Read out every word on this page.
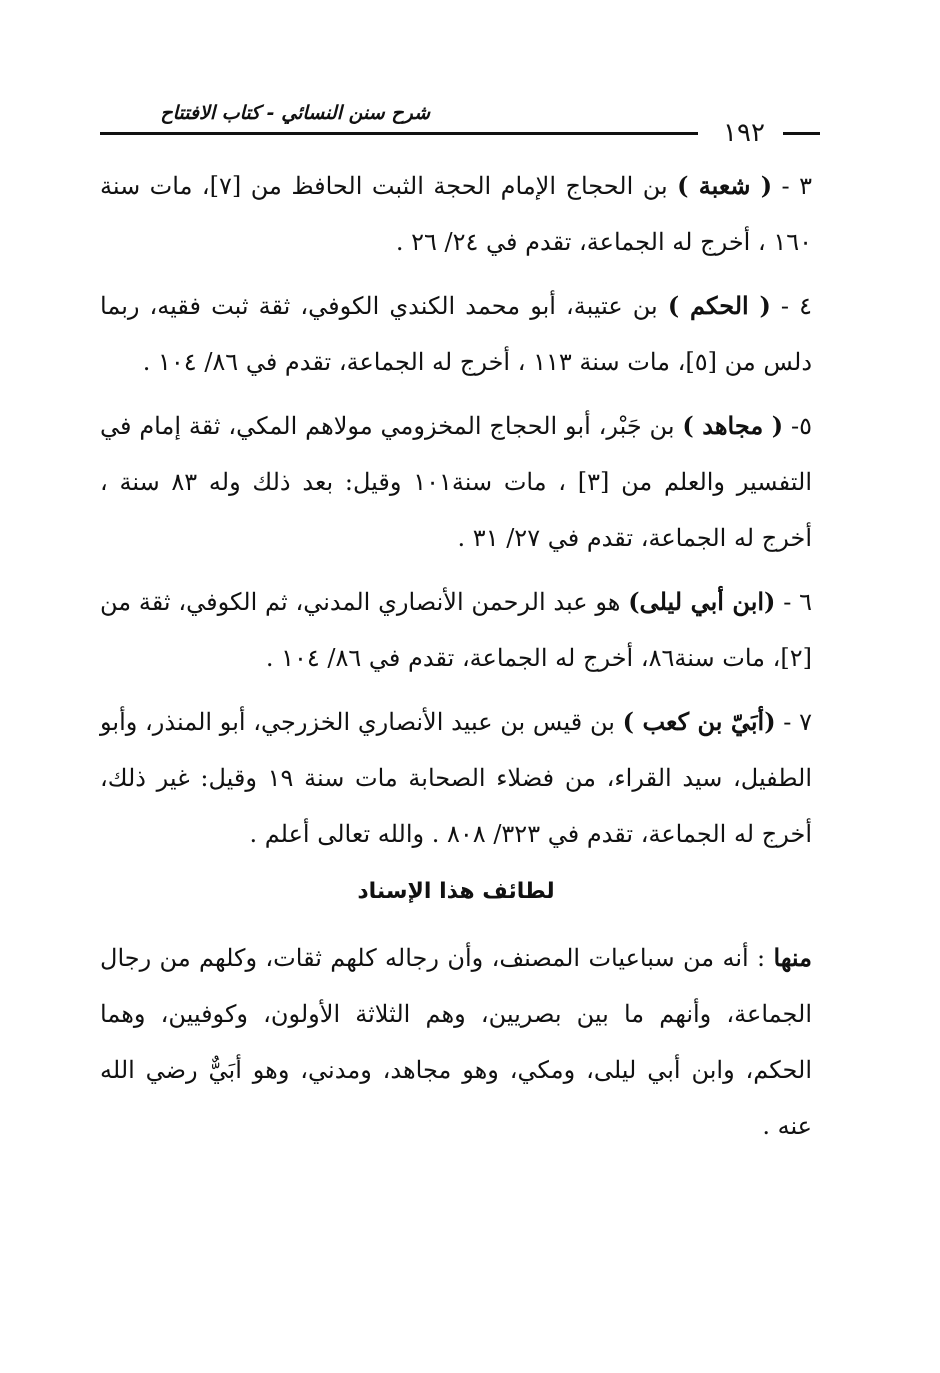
شرح سنن النسائي - كتاب الافتتاح
١٩٢

٣ - ( شعبة ) بن الحجاج الإمام الحجة الثبت الحافظ من [٧]، مات سنة ١٦٠ ، أخرج له الجماعة، تقدم في ٢٤/ ٢٦ .

٤ - ( الحكم ) بن عتيبة، أبو محمد الكندي الكوفي، ثقة ثبت فقيه، ربما دلس من [٥]، مات سنة ١١٣ ، أخرج له الجماعة، تقدم في ٨٦/ ١٠٤ .

٥- ( مجاهد ) بن جَبْر، أبو الحجاج المخزومي مولاهم المكي، ثقة إمام في التفسير والعلم من [٣] ، مات سنة١٠١ وقيل: بعد ذلك وله ٨٣ سنة ، أخرج له الجماعة، تقدم في ٢٧/ ٣١ .

٦ - (ابن أبي ليلى) هو عبد الرحمن الأنصاري المدني، ثم الكوفي، ثقة من [٢]، مات سنة٨٦، أخرج له الجماعة، تقدم في ٨٦/ ١٠٤ .

٧ - (أبَيّ بن كعب ) بن قيس بن عبيد الأنصاري الخزرجي، أبو المنذر، وأبو الطفيل، سيد القراء، من فضلاء الصحابة مات سنة ١٩ وقيل: غير ذلك، أخرج له الجماعة، تقدم في ٣٢٣/ ٨٠٨ . والله تعالى أعلم .

لطائف هذا الإسناد

منها : أنه من سباعيات المصنف، وأن رجاله كلهم ثقات، وكلهم من رجال الجماعة، وأنهم ما بين بصريين، وهم الثلاثة الأولون، وكوفيين، وهما الحكم، وابن أبي ليلى، ومكي، وهو مجاهد، ومدني، وهو أبَيٌّ رضي الله عنه .
